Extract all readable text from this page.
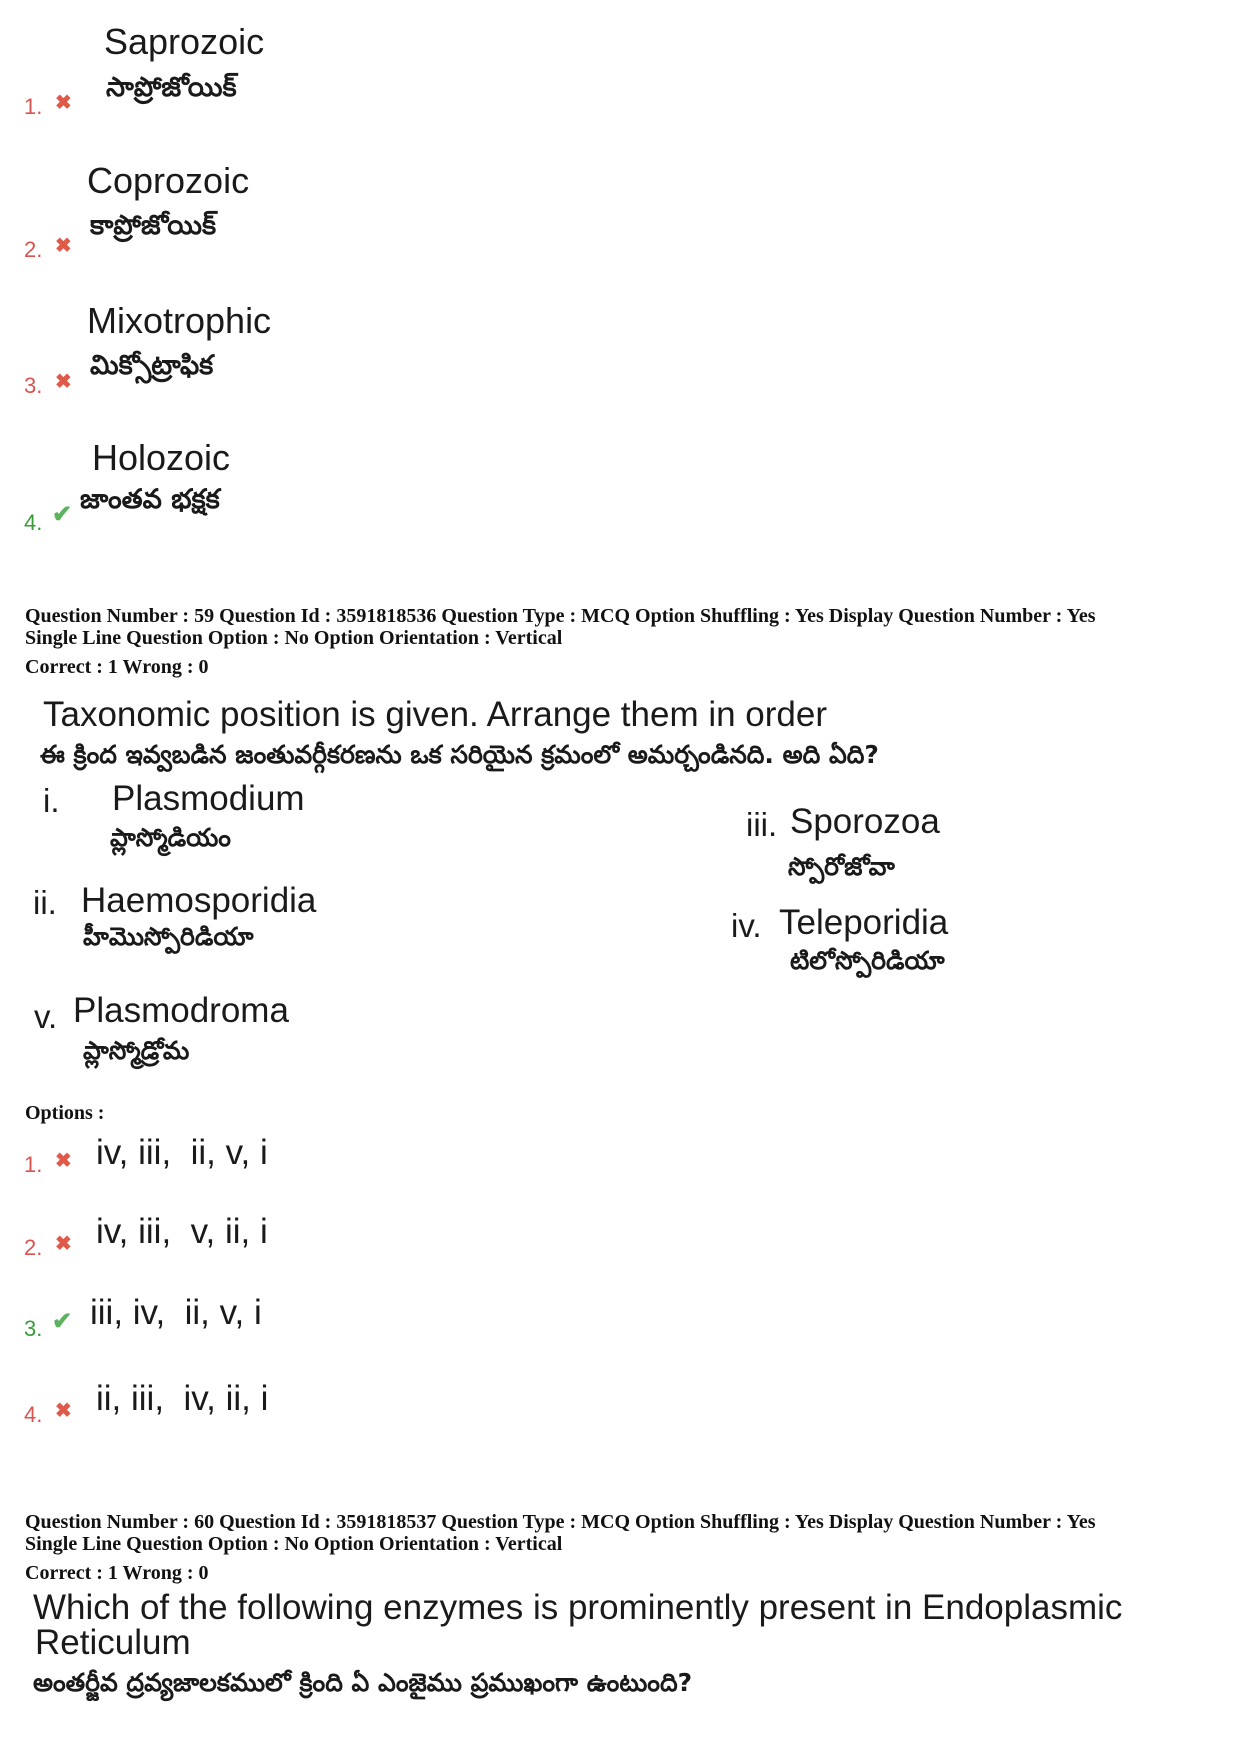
1. ✖
Saprozoic
సాప్రోజోయిక్
2. ✖
Coprozoic
కాప్రోజోయిక్
3. ✖
Mixotrophic
మిక్సోట్రాఫిక
4. ✔
Holozoic
జాంతవ భక్షక
Question Number : 59 Question Id : 3591818536 Question Type : MCQ Option Shuffling : Yes Display Question Number : Yes
Single Line Question Option : No Option Orientation : Vertical
Correct : 1 Wrong : 0
Taxonomic position is given. Arrange them in order
ఈ క్రింద ఇవ్వబడిన జంతువర్గీకరణను ఒక సరియైన క్రమంలో అమర్చండినది. అది ఏది?
i. Plasmodium
ప్లాస్మోడియం
ii. Haemosporidia
హీమొస్పోరిడియా
iii. Sporozoa
స్పోరోజోవా
iv. Teleporidia
టిలోస్పోరిడియా
v. Plasmodroma
ప్లాస్మోడ్రోమ
Options :
1. ✖ iv, iii,  ii, v, i
2. ✖ iv, iii,  v, ii, i
3. ✔ iii, iv,  ii, v, i
4. ✖ ii, iii,  iv, ii, i
Question Number : 60 Question Id : 3591818537 Question Type : MCQ Option Shuffling : Yes Display Question Number : Yes
Single Line Question Option : No Option Orientation : Vertical
Correct : 1 Wrong : 0
Which of the following enzymes is prominently present in Endoplasmic
Reticulum
అంతర్జీవ ద్రవ్యజాలకములో క్రింది ఏ ఎంజైము ప్రముఖంగా ఉంటుంది?
